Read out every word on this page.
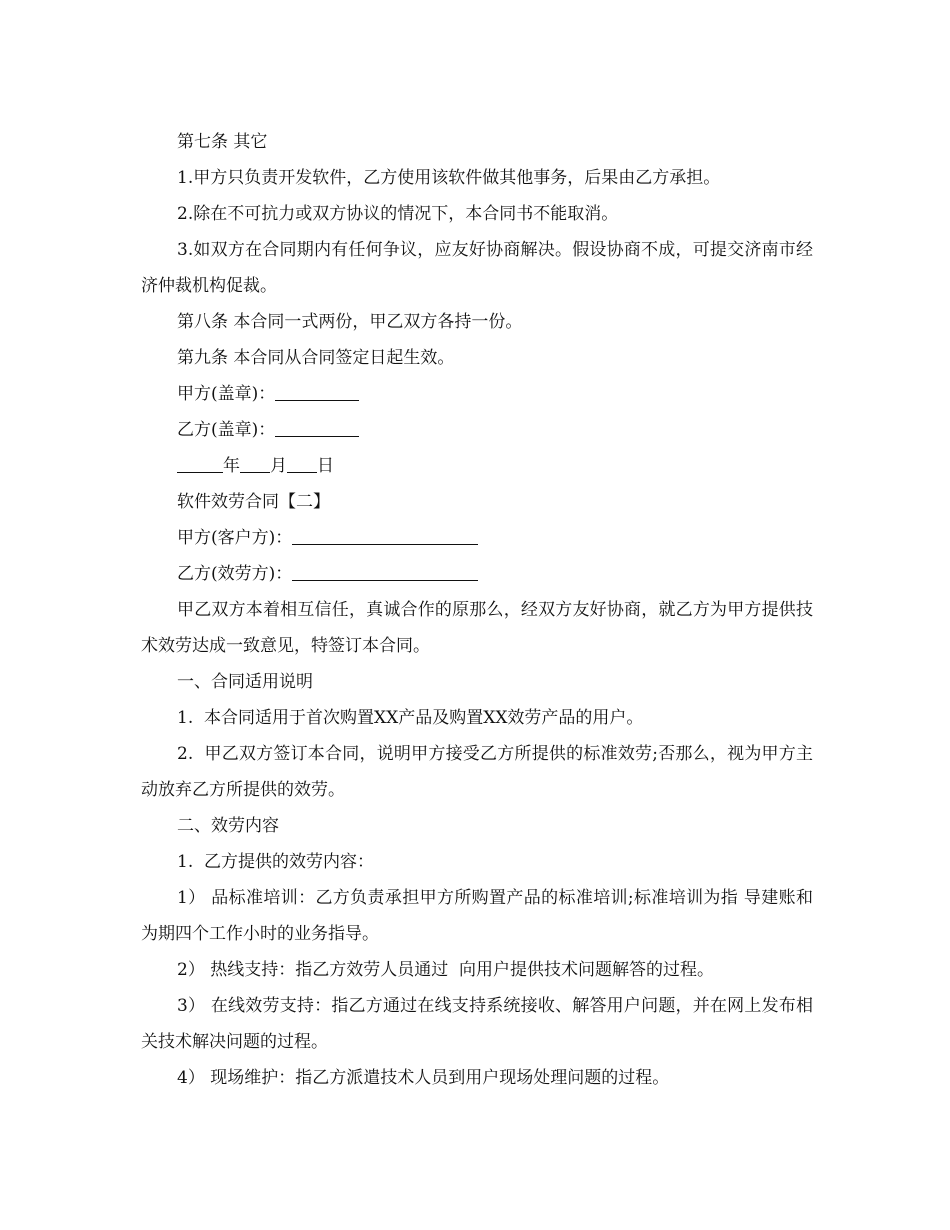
第七条 其它

1.甲方只负责开发软件，乙方使用该软件做其他事务，后果由乙方承担。

2.除在不可抗力或双方协议的情况下，本合同书不能取消。

3.如双方在合同期内有任何争议，应友好协商解决。假设协商不成，可提交济南市经济仲裁机构促裁。

第八条 本合同一式两份，甲乙双方各持一份。

第九条 本合同从合同签定日起生效。

甲方(盖章)：

乙方(盖章)：

年 月 日

软件效劳合同【二】

甲方(客户方)：

乙方(效劳方)：

甲乙双方本着相互信任，真诚合作的原那么，经双方友好协商，就乙方为甲方提供技术效劳达成一致意见，特签订本合同。

一、合同适用说明

1.  本合同适用于首次购置XX产品及购置XX效劳产品的用户。

2.  甲乙双方签订本合同，说明甲方接受乙方所提供的标准效劳;否那么，视为甲方主动放弃乙方所提供的效劳。

二、效劳内容

1.  乙方提供的效劳内容：

1） 品标准培训：乙方负责承担甲方所购置产品的标准培训;标准培训为指 导建账和为期四个工作小时的业务指导。

2） 热线支持：指乙方效劳人员通过  向用户提供技术问题解答的过程。

3） 在线效劳支持：指乙方通过在线支持系统接收、解答用户问题，并在网上发布相关技术解决问题的过程。

4） 现场维护：指乙方派遣技术人员到用户现场处理问题的过程。
